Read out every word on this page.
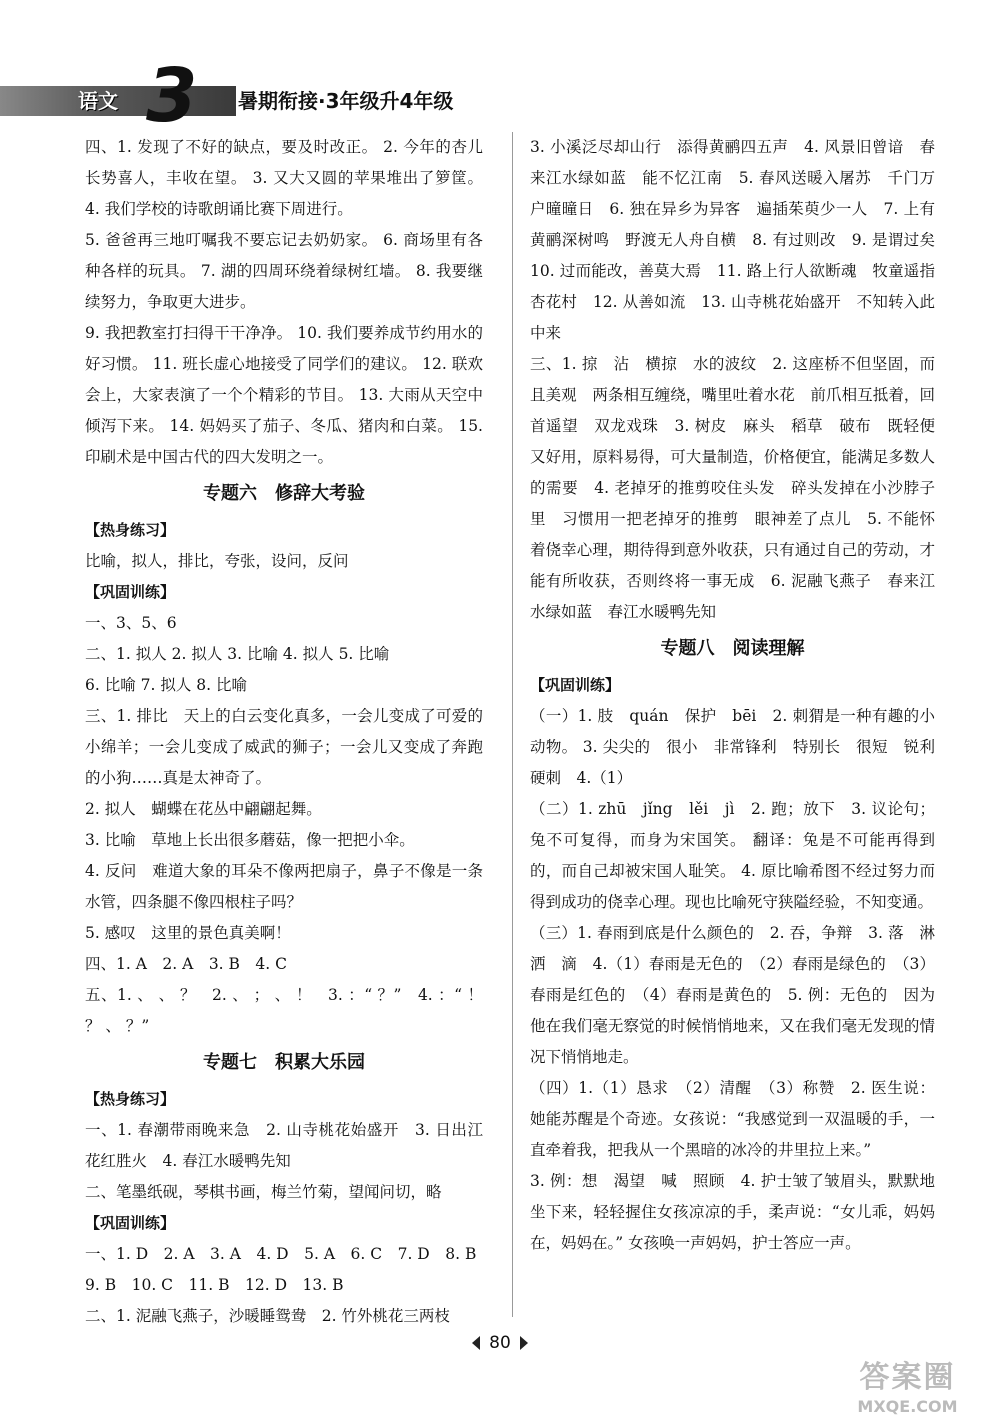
语文 3 暑期衔接·3年级升4年级

四、1. 发现了不好的缺点，要及时改正。 2. 今年的杏儿长势喜人，丰收在望。 3. 又大又圆的苹果堆出了箩筐。 4. 我们学校的诗歌朗诵比赛下周进行。

5. 爸爸再三地叮嘱我不要忘记去奶奶家。 6. 商场里有各种各样的玩具。 7. 湖的四周环绕着绿树红墙。 8. 我要继续努力，争取更大进步。

9. 我把教室打扫得干干净净。 10. 我们要养成节约用水的好习惯。 11. 班长虚心地接受了同学们的建议。 12. 联欢会上，大家表演了一个个精彩的节目。 13. 大雨从天空中倾泻下来。 14. 妈妈买了茄子、冬瓜、猪肉和白菜。 15. 印刷术是中国古代的四大发明之一。

专题六　修辞大考验

【热身练习】

比喻，拟人，排比，夸张，设问，反问

【巩固训练】

一、3、5、6

二、1. 拟人 2. 拟人 3. 比喻 4. 拟人 5. 比喻

6. 比喻 7. 拟人 8. 比喻

三、1. 排比　天上的白云变化真多，一会儿变成了可爱的小绵羊；一会儿变成了威武的狮子；一会儿又变成了奔跑的小狗……真是太神奇了。

2. 拟人　蝴蝶在花丛中翩翩起舞。

3. 比喻　草地上长出很多蘑菇，像一把把小伞。

4. 反问　难道大象的耳朵不像两把扇子，鼻子不像是一条水管，四条腿不像四根柱子吗？

5. 感叹　这里的景色真美啊！

四、1. A　2. A　3. B　4. C

五、1. 、 、 ？　2. 、 ； 、 ！　3. ：“ ？”　4. ：“ ！ ？ 、 ？”

专题七　积累大乐园

【热身练习】

一、1. 春潮带雨晚来急　2. 山寺桃花始盛开　3. 日出江花红胜火　4. 春江水暖鸭先知

二、笔墨纸砚，琴棋书画，梅兰竹菊，望闻问切，略

【巩固训练】

一、1. D　2. A　3. A　4. D　5. A　6. C　7. D　8. B

9. B　10. C　11. B　12. D　13. B

二、1. 泥融飞燕子，沙暖睡鸳鸯　2. 竹外桃花三两枝

3. 小溪泛尽却山行　添得黄鹂四五声　4. 风景旧曾谙　春来江水绿如蓝　能不忆江南　5. 春风送暖入屠苏　千门万户曈曈日　6. 独在异乡为异客　遍插茱萸少一人　7. 上有黄鹂深树鸣　野渡无人舟自横　8. 有过则改　9. 是谓过矣　10. 过而能改，善莫大焉　11. 路上行人欲断魂　牧童遥指杏花村　12. 从善如流　13. 山寺桃花始盛开　不知转入此中来

三、1. 掠　沾　横掠　水的波纹　2. 这座桥不但坚固，而且美观　两条相互缠绕，嘴里吐着水花　前爪相互抵着，回首遥望　双龙戏珠　3. 树皮　麻头　稻草　破布　既轻便又好用，原料易得，可大量制造，价格便宜，能满足多数人的需要　4. 老掉牙的推剪咬住头发　碎头发掉在小沙脖子里　习惯用一把老掉牙的推剪　眼神差了点儿　5. 不能怀着侥幸心理，期待得到意外收获，只有通过自己的劳动，才能有所收获，否则终将一事无成　6. 泥融飞燕子　春来江水绿如蓝　春江水暖鸭先知

专题八　阅读理解

【巩固训练】

（一）1. 肢　quán　保护　bēi　2. 刺猬是一种有趣的小动物。 3. 尖尖的　很小　非常锋利　特别长　很短　锐利　硬刺　4.（1）

（二）1. zhū　jǐng　lěi　jì　2. 跑；放下　3. 议论句；兔不可复得，而身为宋国笑。 翻译：兔是不可能再得到的，而自己却被宋国人耻笑。 4. 原比喻希图不经过努力而得到成功的侥幸心理。现也比喻死守狭隘经验，不知变通。

（三）1. 春雨到底是什么颜色的　2. 吞，争辩　3. 落　淋　洒　滴　4.（1）春雨是无色的　（2）春雨是绿色的　（3）春雨是红色的　（4）春雨是黄色的　5. 例：无色的　因为他在我们毫无察觉的时候悄悄地来，又在我们毫无发现的情况下悄悄地走。

（四）1.（1）恳求　（2）清醒　（3）称赞　2. 医生说：她能苏醒是个奇迹。女孩说：“我感觉到一双温暖的手，一直牵着我，把我从一个黑暗的冰冷的井里拉上来。”

3. 例：想　渴望　喊　照顾　4. 护士皱了皱眉头，默默地坐下来，轻轻握住女孩凉凉的手，柔声说：“女儿乖，妈妈在，妈妈在。” 女孩唤一声妈妈，护士答应一声。

80
答案圈
MXQE.COM
